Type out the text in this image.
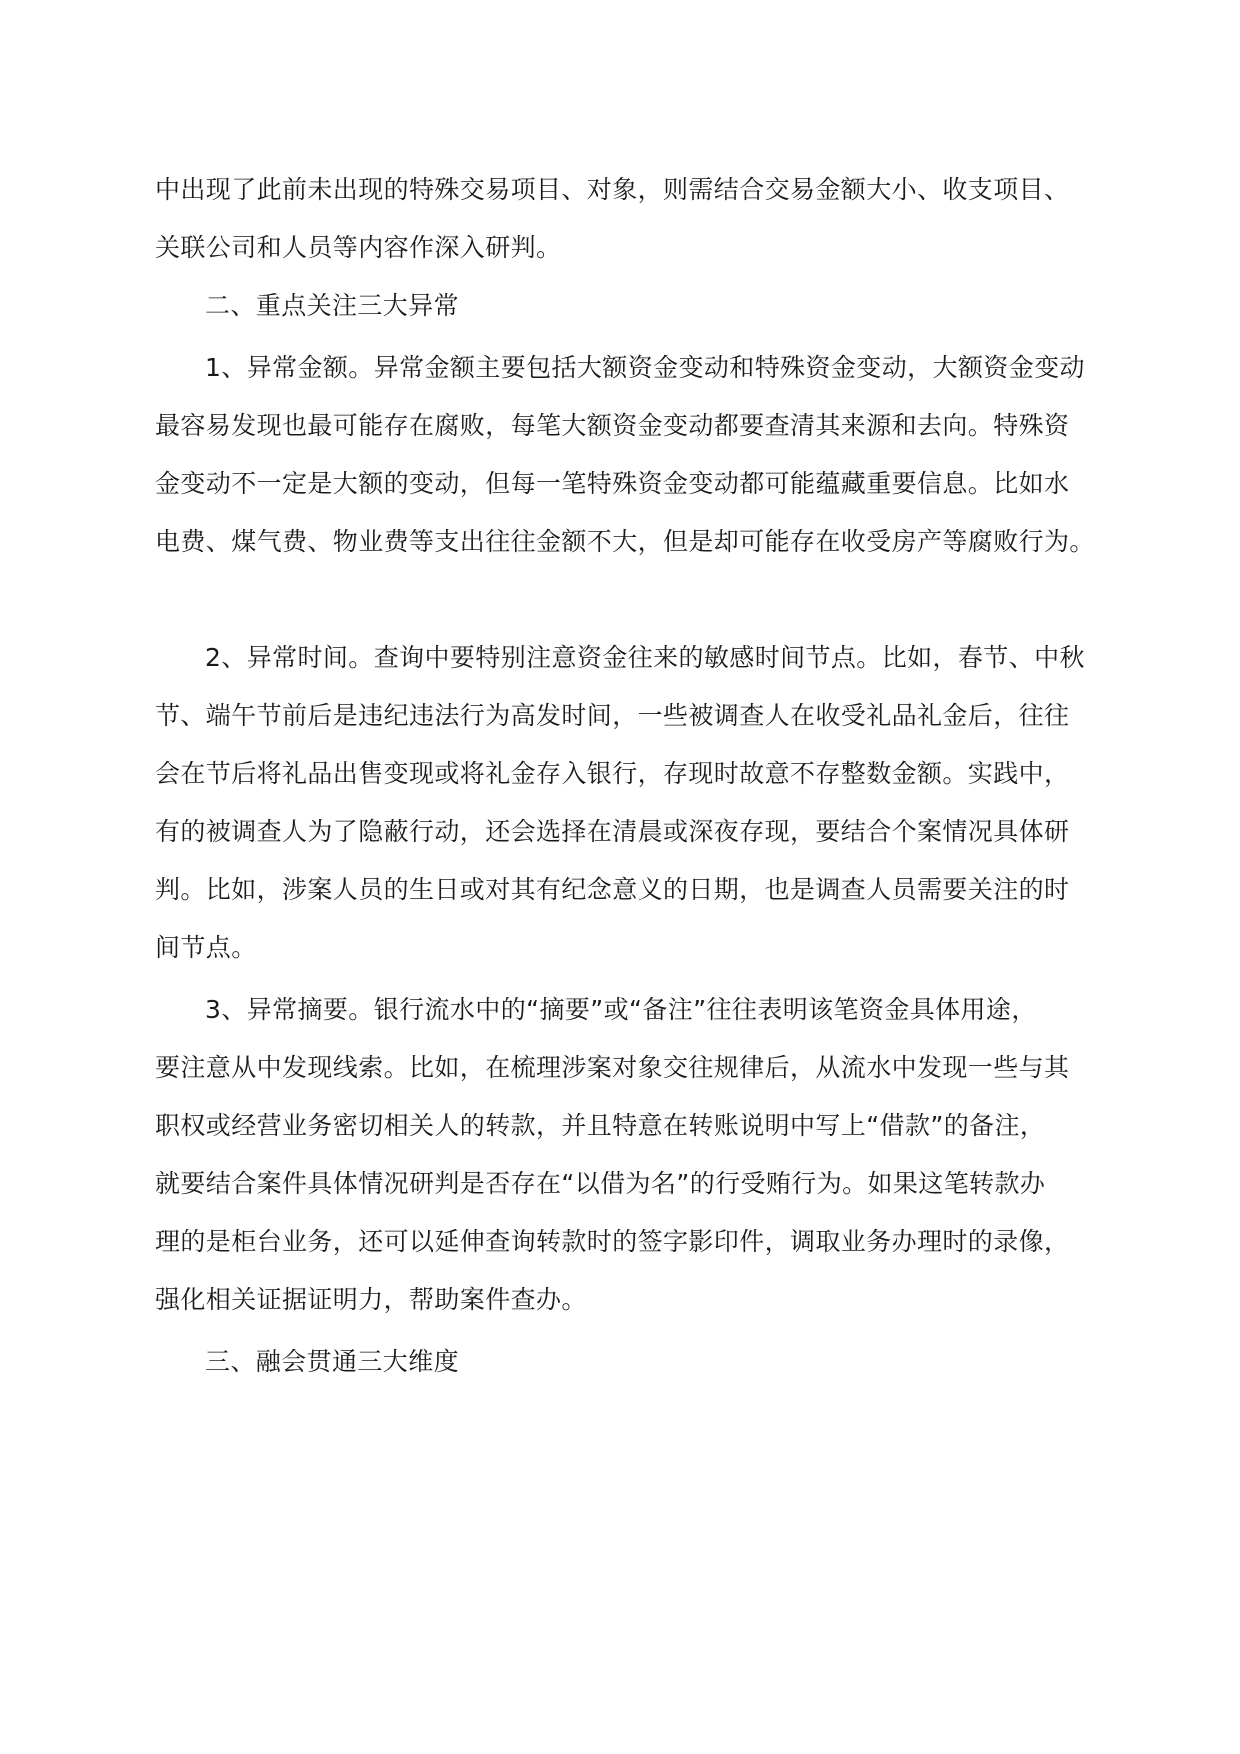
中出现了此前未出现的特殊交易项目、对象，则需结合交易金额大小、收支项目、
关联公司和人员等内容作深入研判。
二、重点关注三大异常
1、异常金额。异常金额主要包括大额资金变动和特殊资金变动，大额资金变动
最容易发现也最可能存在腐败，每笔大额资金变动都要查清其来源和去向。特殊资
金变动不一定是大额的变动，但每一笔特殊资金变动都可能蕴藏重要信息。比如水
电费、煤气费、物业费等支出往往金额不大，但是却可能存在收受房产等腐败行为。
2、异常时间。查询中要特别注意资金往来的敏感时间节点。比如，春节、中秋
节、端午节前后是违纪违法行为高发时间，一些被调查人在收受礼品礼金后，往往
会在节后将礼品出售变现或将礼金存入银行，存现时故意不存整数金额。实践中，
有的被调查人为了隐蔽行动，还会选择在清晨或深夜存现，要结合个案情况具体研
判。比如，涉案人员的生日或对其有纪念意义的日期，也是调查人员需要关注的时
间节点。
3、异常摘要。银行流水中的“摘要”或“备注”往往表明该笔资金具体用途，
要注意从中发现线索。比如，在梳理涉案对象交往规律后，从流水中发现一些与其
职权或经营业务密切相关人的转款，并且特意在转账说明中写上“借款”的备注，
就要结合案件具体情况研判是否存在“以借为名”的行受贿行为。如果这笔转款办
理的是柜台业务，还可以延伸查询转款时的签字影印件，调取业务办理时的录像，
强化相关证据证明力，帮助案件查办。
三、融会贯通三大维度
